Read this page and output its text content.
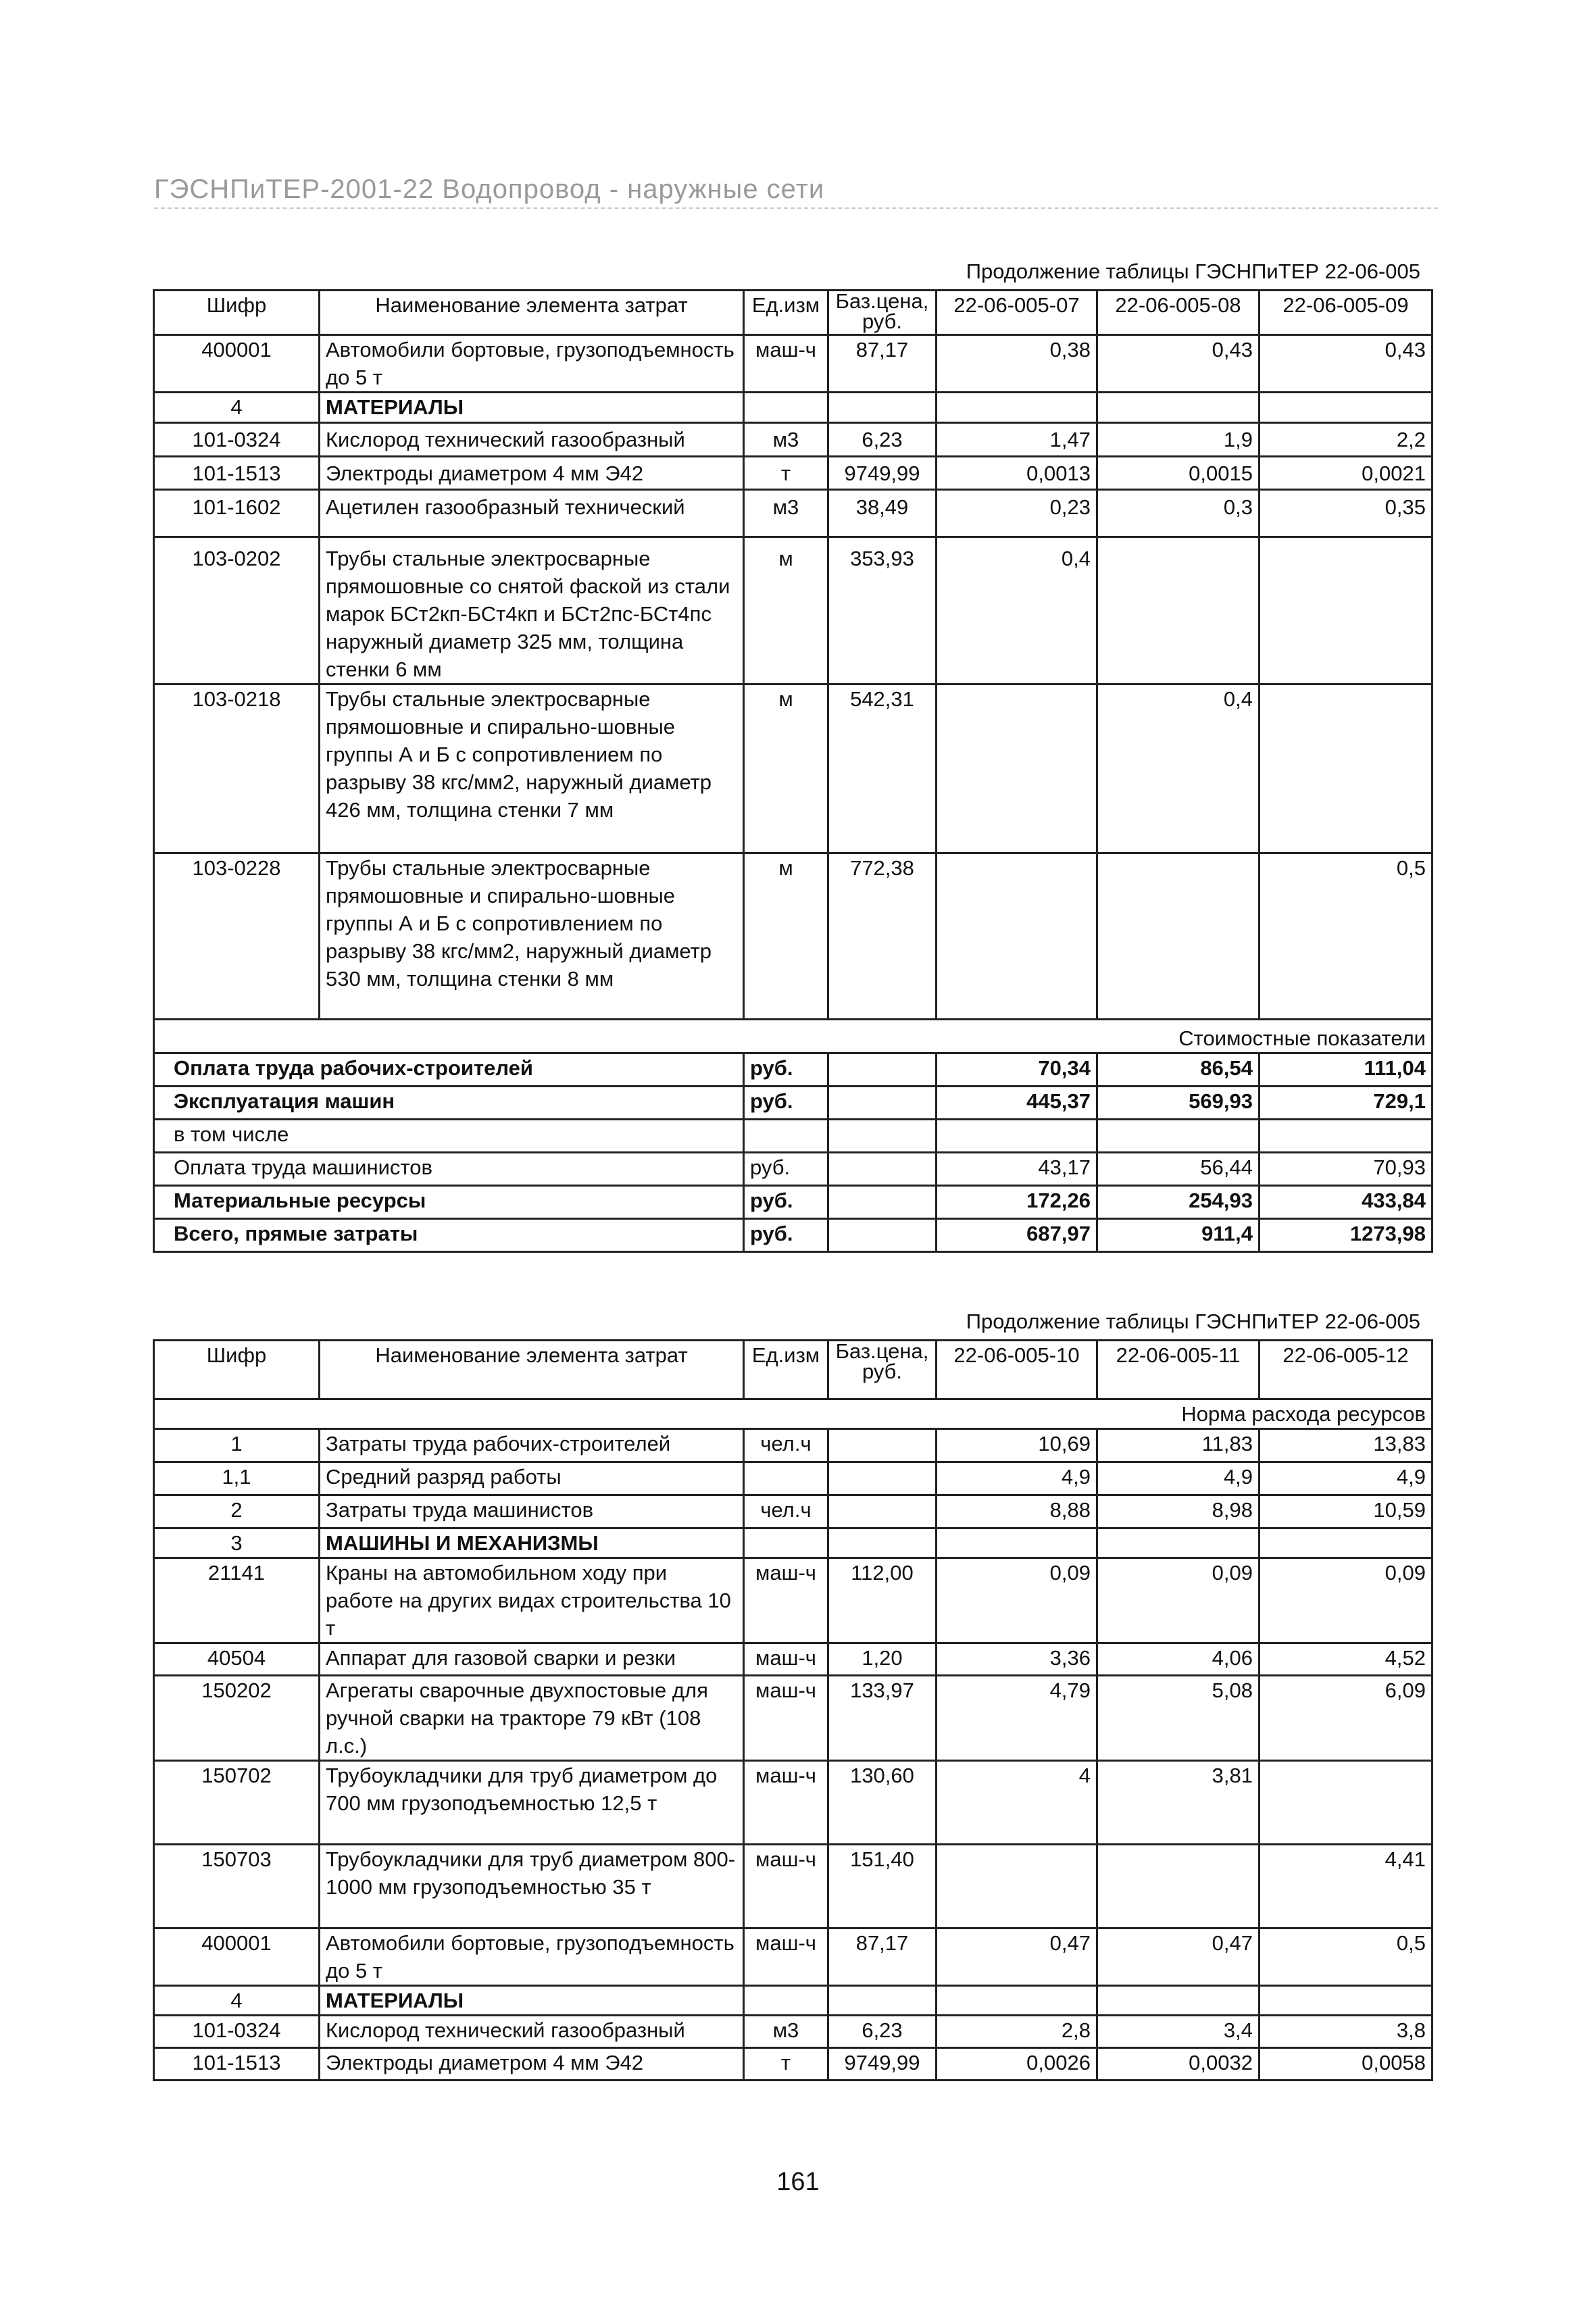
ГЭСНПиТЕР-2001-22 Водопровод - наружные сети
Продолжение таблицы ГЭСНПиТЕР 22-06-005
Шифр	Наименование элемента затрат	Ед.изм	Баз.цена, руб.	22-06-005-07	22-06-005-08	22-06-005-09
400001	Автомобили бортовые, грузоподъемность до 5 т	маш-ч	87,17	0,38	0,43	0,43
4	МАТЕРИАЛЫ					
101-0324	Кислород технический газообразный	м3	6,23	1,47	1,9	2,2
101-1513	Электроды диаметром 4 мм Э42	т	9749,99	0,0013	0,0015	0,0021
101-1602	Ацетилен газообразный технический	м3	38,49	0,23	0,3	0,35
103-0202	Трубы стальные электросварные прямошовные со снятой фаской из стали марок БСт2кп-БСт4кп и БСт2пс-БСт4пс наружный диаметр 325 мм, толщина стенки 6 мм	м	353,93	0,4		
103-0218	Трубы стальные электросварные прямошовные и спирально-шовные группы А и Б с сопротивлением по разрыву 38 кгс/мм2, наружный диаметр 426 мм, толщина стенки 7 мм	м	542,31		0,4	
103-0228	Трубы стальные электросварные прямошовные и спирально-шовные группы А и Б с сопротивлением по разрыву 38 кгс/мм2, наружный диаметр 530 мм, толщина стенки 8 мм	м	772,38			0,5
Стоимостные показатели						
Оплата труда рабочих-строителей		руб.		70,34	86,54	111,04
Эксплуатация машин		руб.		445,37	569,93	729,1
в том числе						
Оплата труда машинистов		руб.		43,17	56,44	70,93
Материальные ресурсы		руб.		172,26	254,93	433,84
Всего, прямые затраты		руб.		687,97	911,4	1273,98
Продолжение таблицы ГЭСНПиТЕР 22-06-005
Шифр	Наименование элемента затрат	Ед.изм	Баз.цена, руб.	22-06-005-10	22-06-005-11	22-06-005-12
Норма расхода ресурсов						
1	Затраты труда рабочих-строителей	чел.ч		10,69	11,83	13,83
1,1	Средний разряд работы			4,9	4,9	4,9
2	Затраты труда машинистов	чел.ч		8,88	8,98	10,59
3	МАШИНЫ И МЕХАНИЗМЫ					
21141	Краны на автомобильном ходу при работе на других видах строительства 10 т	маш-ч	112,00	0,09	0,09	0,09
40504	Аппарат для газовой сварки и резки	маш-ч	1,20	3,36	4,06	4,52
150202	Агрегаты сварочные двухпостовые для ручной сварки на тракторе 79 кВт (108 л.с.)	маш-ч	133,97	4,79	5,08	6,09
150702	Трубоукладчики для труб диаметром до 700 мм грузоподъемностью 12,5 т	маш-ч	130,60	4	3,81	
150703	Трубоукладчики для труб диаметром 800-1000 мм грузоподъемностью 35 т	маш-ч	151,40			4,41
400001	Автомобили бортовые, грузоподъемность до 5 т	маш-ч	87,17	0,47	0,47	0,5
4	МАТЕРИАЛЫ					
101-0324	Кислород технический газообразный	м3	6,23	2,8	3,4	3,8
101-1513	Электроды диаметром 4 мм Э42	т	9749,99	0,0026	0,0032	0,0058
161
